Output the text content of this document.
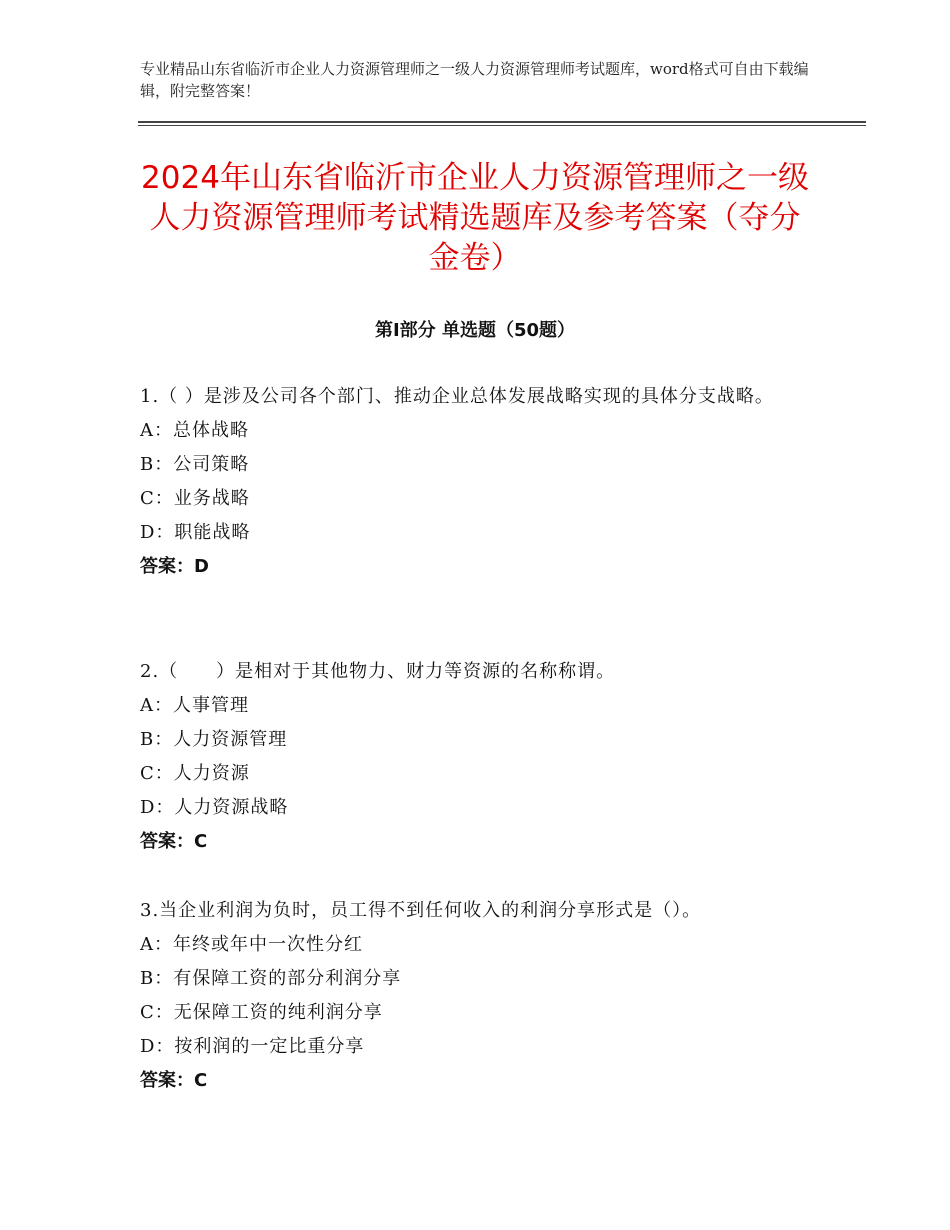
专业精品山东省临沂市企业人力资源管理师之一级人力资源管理师考试题库，word格式可自由下载编辑，附完整答案！
2024年山东省临沂市企业人力资源管理师之一级人力资源管理师考试精选题库及参考答案（夺分金卷）
第Ⅰ部分 单选题（50题）
1.（ ）是涉及公司各个部门、推动企业总体发展战略实现的具体分支战略。
A：总体战略
B：公司策略
C：业务战略
D：职能战略
答案：D
2.（　　）是相对于其他物力、财力等资源的名称称谓。
A：人事管理
B：人力资源管理
C：人力资源
D：人力资源战略
答案：C
3.当企业利润为负时，员工得不到任何收入的利润分享形式是（）。
A：年终或年中一次性分红
B：有保障工资的部分利润分享
C：无保障工资的纯利润分享
D：按利润的一定比重分享
答案：C
